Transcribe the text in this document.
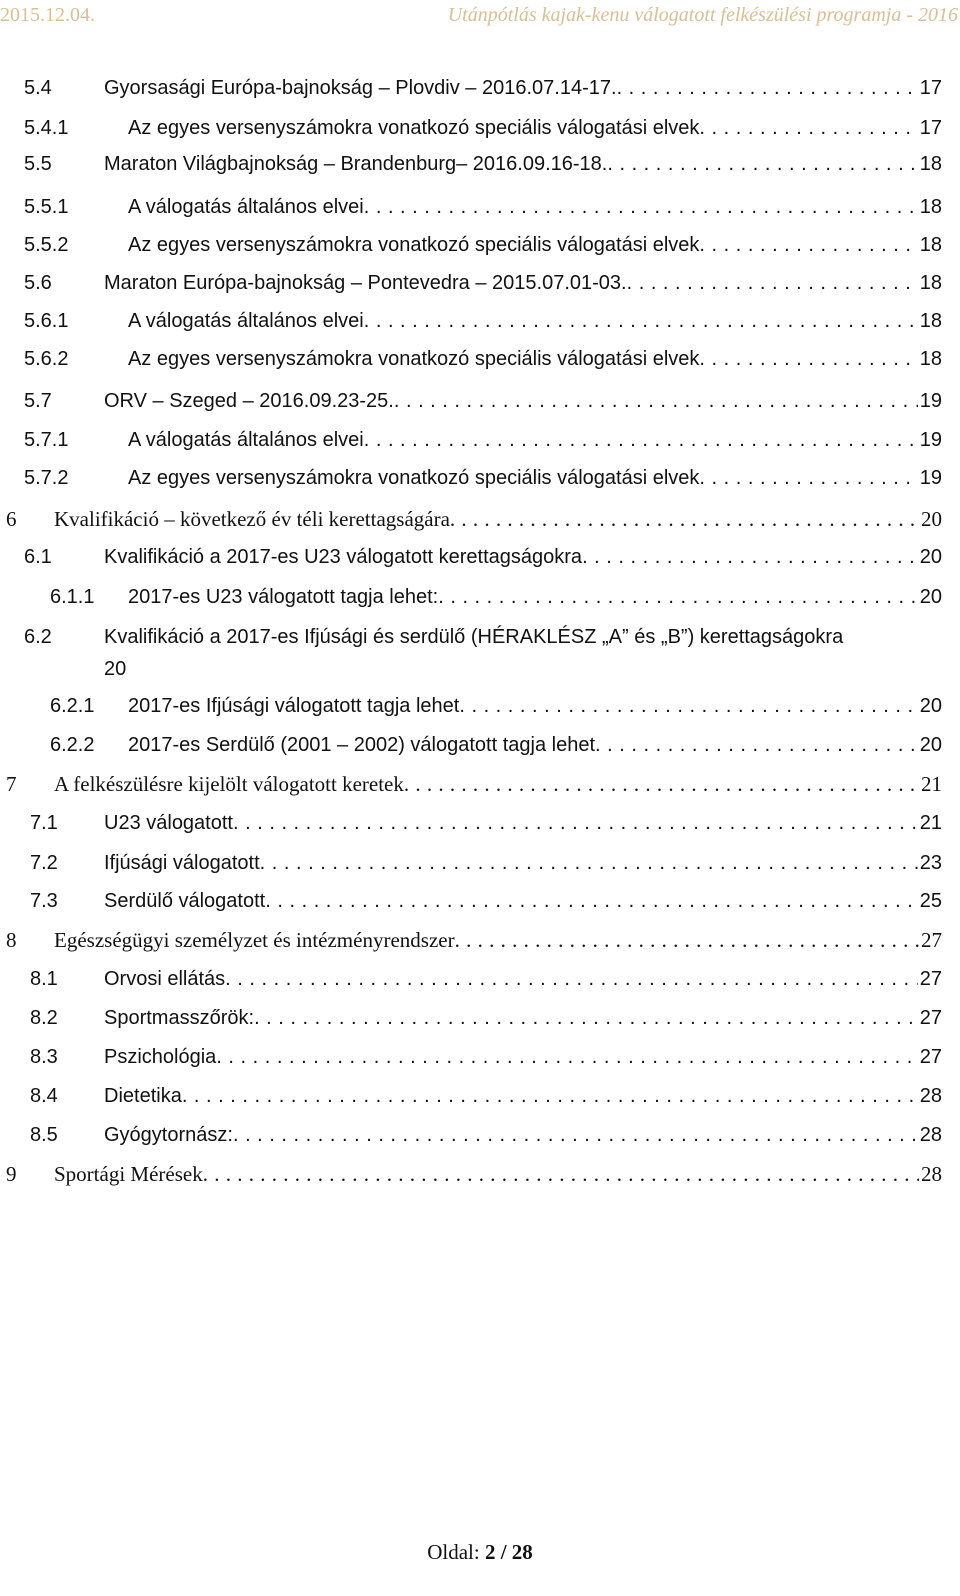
2015.12.04.	Utánpótlás kajak-kenu válogatott felkészülési programja - 2016
5.4	Gyorsasági Európa-bajnokság – Plovdiv – 2016.07.14-17. . . .	17
5.4.1	Az egyes versenyszámokra vonatkozó speciális válogatási elvek . . .	17
5.5	Maraton Világbajnokság – Brandenburg– 2016.09.16-18. . . .	18
5.5.1	A válogatás általános elvei . . .	18
5.5.2	Az egyes versenyszámokra vonatkozó speciális válogatási elvek . . .	18
5.6	Maraton Európa-bajnokság – Pontevedra – 2015.07.01-03. . . .	18
5.6.1	A válogatás általános elvei . . .	18
5.6.2	Az egyes versenyszámokra vonatkozó speciális válogatási elvek . . .	18
5.7	ORV – Szeged – 2016.09.23-25. . . .	19
5.7.1	A válogatás általános elvei . . .	19
5.7.2	Az egyes versenyszámokra vonatkozó speciális válogatási elvek . . .	19
6 Kvalifikáció – következő év téli kerettagságára . . .	20
6.1	Kvalifikáció a 2017-es U23 válogatott kerettagságokra . . .	20
6.1.1 2017-es U23 válogatott tagja lehet: . . .	20
6.2	Kvalifikáció a 2017-es Ifjúsági és serdülő (HÉRAKLÉSZ „A” és „B”) kerettagságokra
20
6.2.1 2017-es Ifjúsági válogatott tagja lehet . . .	20
6.2.2 2017-es Serdülő (2001 – 2002) válogatott tagja lehet . . .	20
7 A felkészülésre kijelölt válogatott keretek . . .	21
7.1 U23 válogatott . . .	21
7.2 Ifjúsági válogatott . . .	23
7.3 Serdülő válogatott . . .	25
8 Egészségügyi személyzet és intézményrendszer . . .	27
8.1 Orvosi ellátás . . .	27
8.2 Sportmasszőrök: . . .	27
8.3 Pszichológia . . .	27
8.4 Dietetika . . .	28
8.5 Gyógytornász: . . .	28
9 Sportági Mérések . . .	28
Oldal: 2 / 28
